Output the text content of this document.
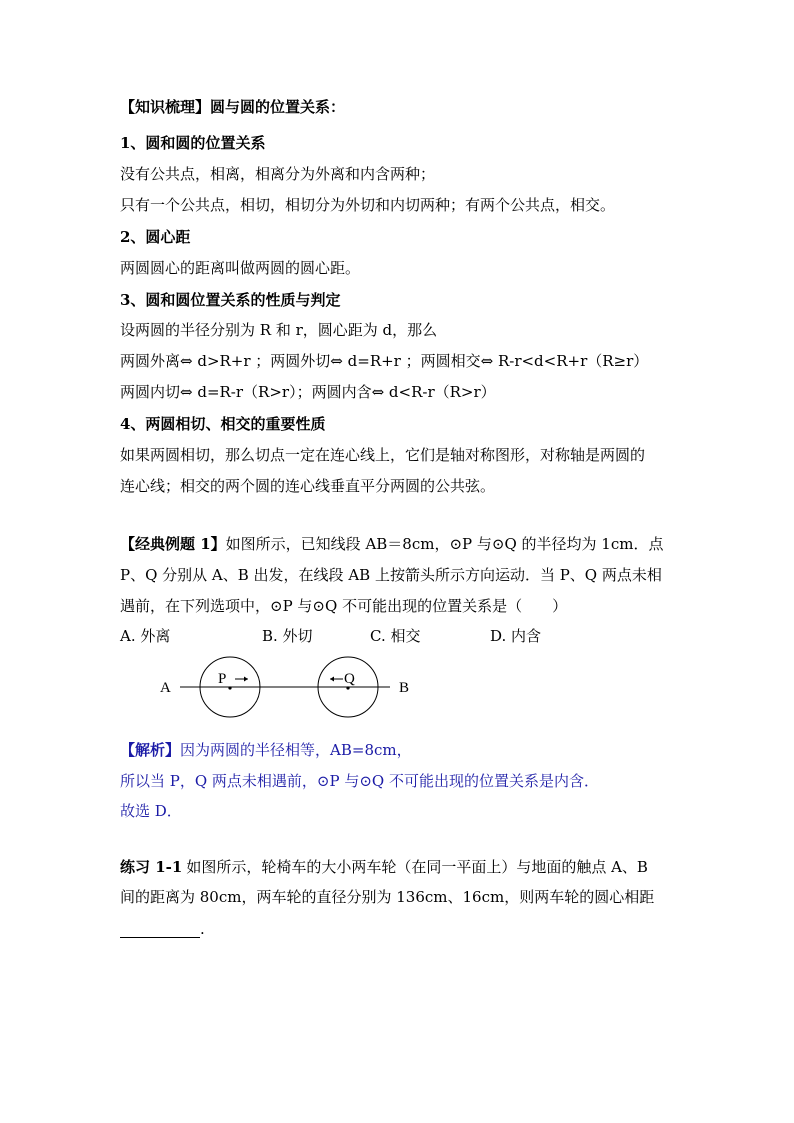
【知识梳理】圆与圆的位置关系：

1、圆和圆的位置关系

没有公共点，相离，相离分为外离和内含两种；

只有一个公共点，相切，相切分为外切和内切两种；有两个公共点，相交。

2、圆心距

两圆圆心的距离叫做两圆的圆心距。

3、圆和圆位置关系的性质与判定

设两圆的半径分别为 R 和 r，圆心距为 d，那么

两圆外离⇔ d>R+r ；两圆外切⇔ d=R+r ；两圆相交⇔ R-r<d<R+r（R≥r）

两圆内切⇔ d=R-r（R>r）；两圆内含⇔ d<R-r（R>r）

4、两圆相切、相交的重要性质

如果两圆相切，那么切点一定在连心线上，它们是轴对称图形，对称轴是两圆的

连心线；相交的两个圆的连心线垂直平分两圆的公共弦。

【经典例题 1】如图所示，已知线段 AB＝8cm，⊙P 与⊙Q 的半径均为 1cm．点

P、Q 分别从 A、B 出发，在线段 AB 上按箭头所示方向运动．当 P、Q 两点未相

遇前，在下列选项中，⊙P 与⊙Q 不可能出现的位置关系是（　　）

A. 外离	B. 外切	C. 相交	D. 内含
A
P	Q
B

【解析】因为两圆的半径相等，AB=8cm，

所以当 P，Q 两点未相遇前，⊙P 与⊙Q 不可能出现的位置关系是内含．

故选 D．

练习 1-1 如图所示，轮椅车的大小两车轮（在同一平面上）与地面的触点 A、B

间的距离为 80cm，两车轮的直径分别为 136cm、16cm，则两车轮的圆心相距

.
